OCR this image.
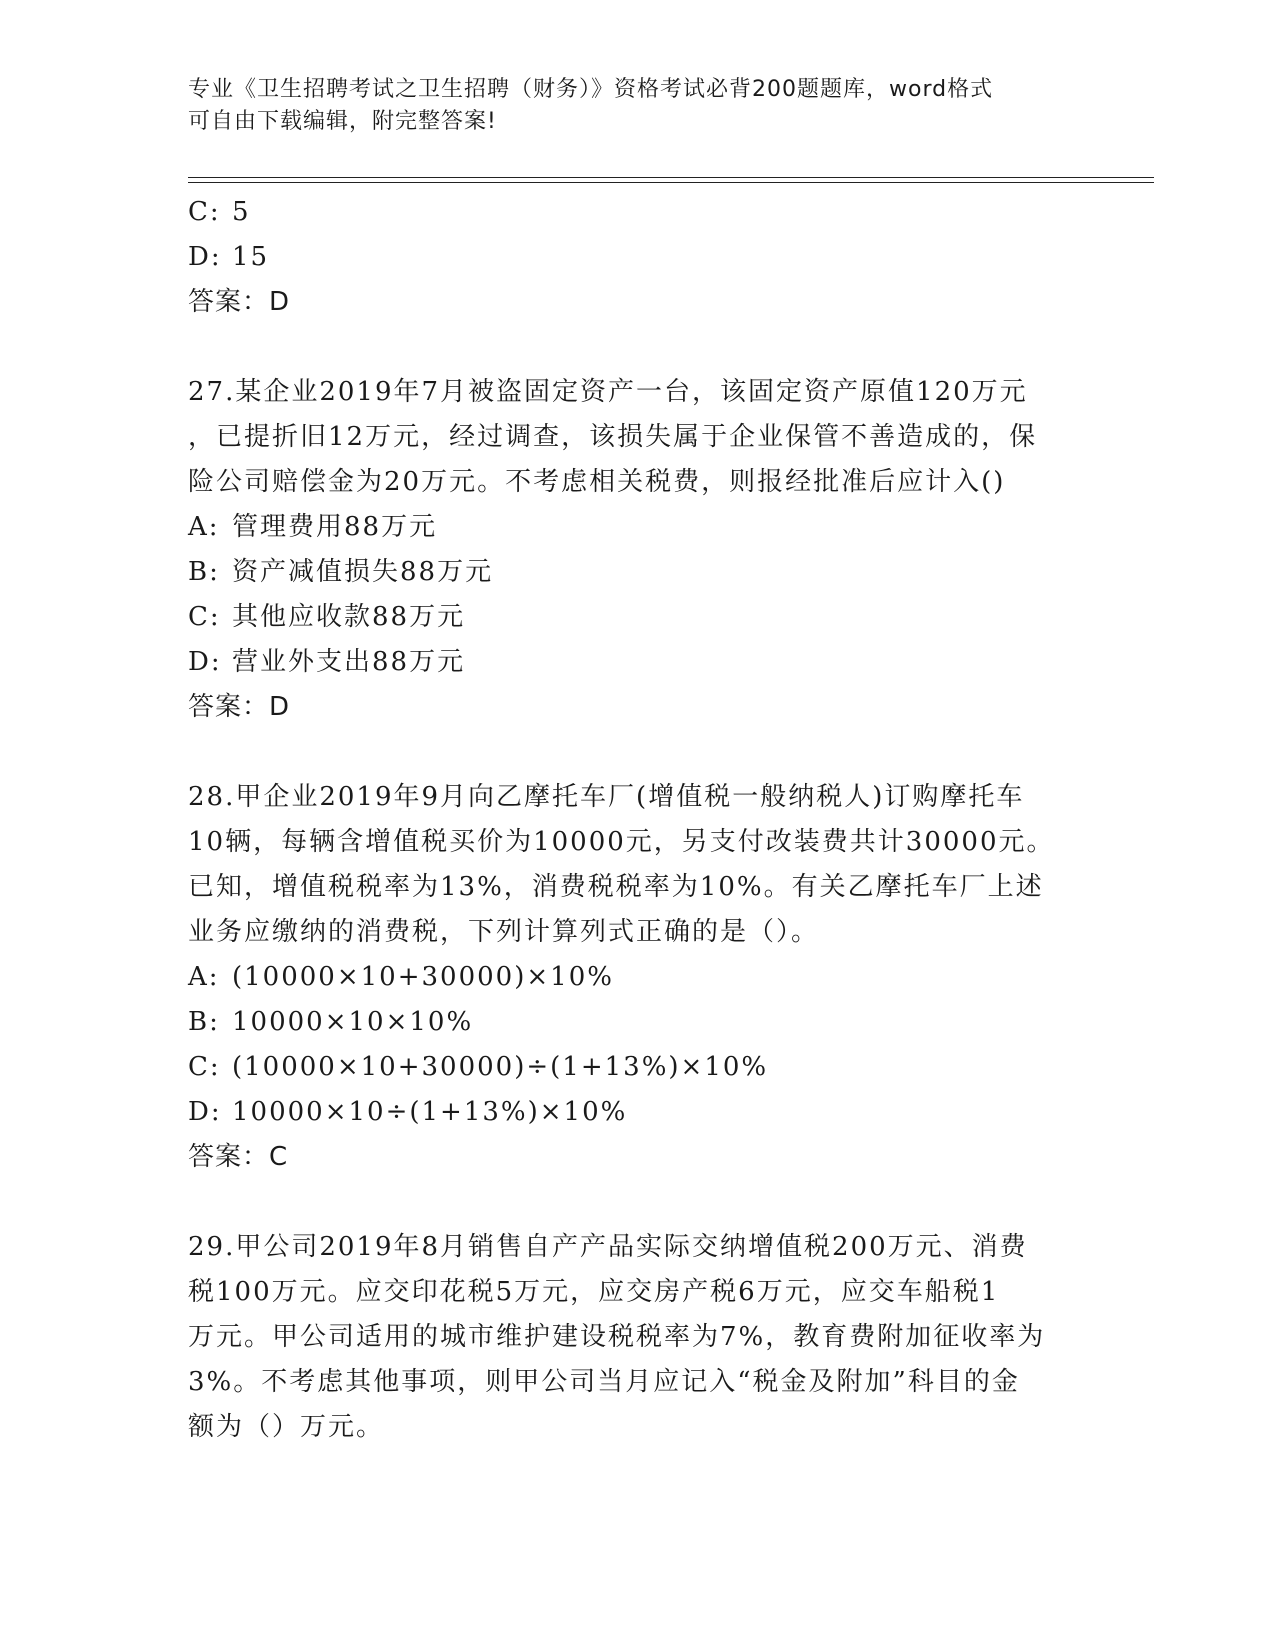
专业《卫生招聘考试之卫生招聘（财务）》资格考试必背200题题库，word格式
可自由下载编辑，附完整答案!
C: 5
D: 15
答案：D
27.某企业2019年7月被盗固定资产一台，该固定资产原值120万元
，已提折旧12万元，经过调查，该损失属于企业保管不善造成的，保
险公司赔偿金为20万元。不考虑相关税费，则报经批准后应计入()
A: 管理费用88万元
B: 资产减值损失88万元
C: 其他应收款88万元
D: 营业外支出88万元
答案：D
28.甲企业2019年9月向乙摩托车厂(增值税一般纳税人)订购摩托车
10辆，每辆含增值税买价为10000元，另支付改装费共计30000元。
已知，增值税税率为13%，消费税税率为10%。有关乙摩托车厂上述
业务应缴纳的消费税，下列计算列式正确的是（）。
A: (10000×10+30000)×10%
B: 10000×10×10%
C: (10000×10+30000)÷(1+13%)×10%
D: 10000×10÷(1+13%)×10%
答案：C
29.甲公司2019年8月销售自产产品实际交纳增值税200万元、消费
税100万元。应交印花税5万元，应交房产税6万元，应交车船税1
万元。甲公司适用的城市维护建设税税率为7%，教育费附加征收率为
3%。不考虑其他事项，则甲公司当月应记入“税金及附加”科目的金
额为（）万元。
